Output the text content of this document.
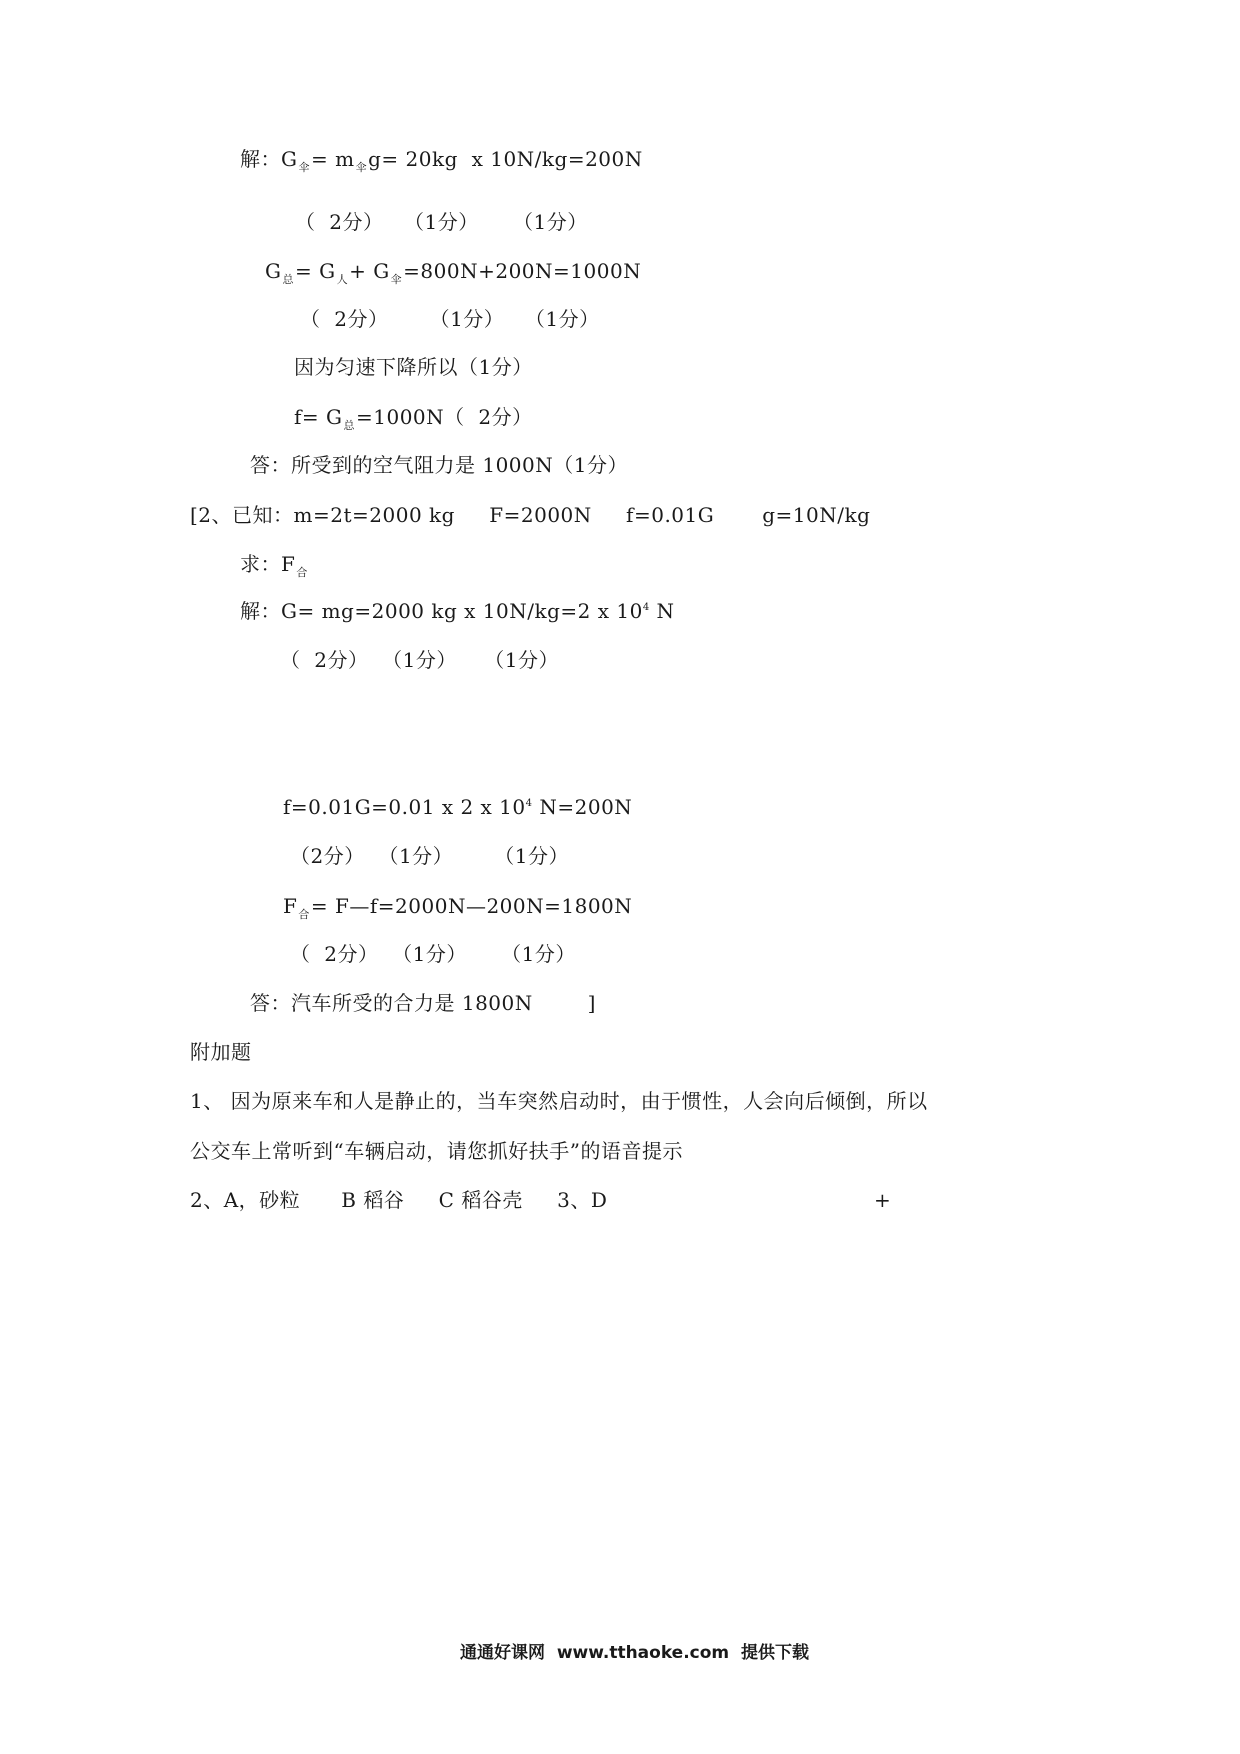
解：$G_伞= m_伞g= 20kg$  x 10N/kg=200N
（  2分）   （1分）     （1分）
$G_总= G_人+ G_伞=800N+200N=1000N$
（  2分）      （1分）   （1分）
因为匀速下降所以（1分）
$f= G_总=1000N$（  2分）
答：所受到的空气阻力是 1000N（1分）
[2、已知：m=2t=2000 kg     F=2000N     f=0.01G       g=10N/kg
求：$F_合$
解：G= mg=2000 kg x 10N/kg=2 x $10^4$ N
（  2分）  （1分）    （1分）
f=0.01G=0.01 x 2 x $10^4$ N=200N
（2分）  （1分）      （1分）
$F_合=$ F—f=2000N—200N=1800N
（  2分）  （1分）     （1分）
答：汽车所受的合力是 1800N        ]
附加题
1、 因为原来车和人是静止的，当车突然启动时，由于惯性，人会向后倾倒，所以
公交车上常听到“车辆启动，请您抓好扶手”的语音提示
2、A，砂粒      B 稻谷     C 稻谷壳     3、D	+
通通好课网  www.tthaoke.com  提供下载
